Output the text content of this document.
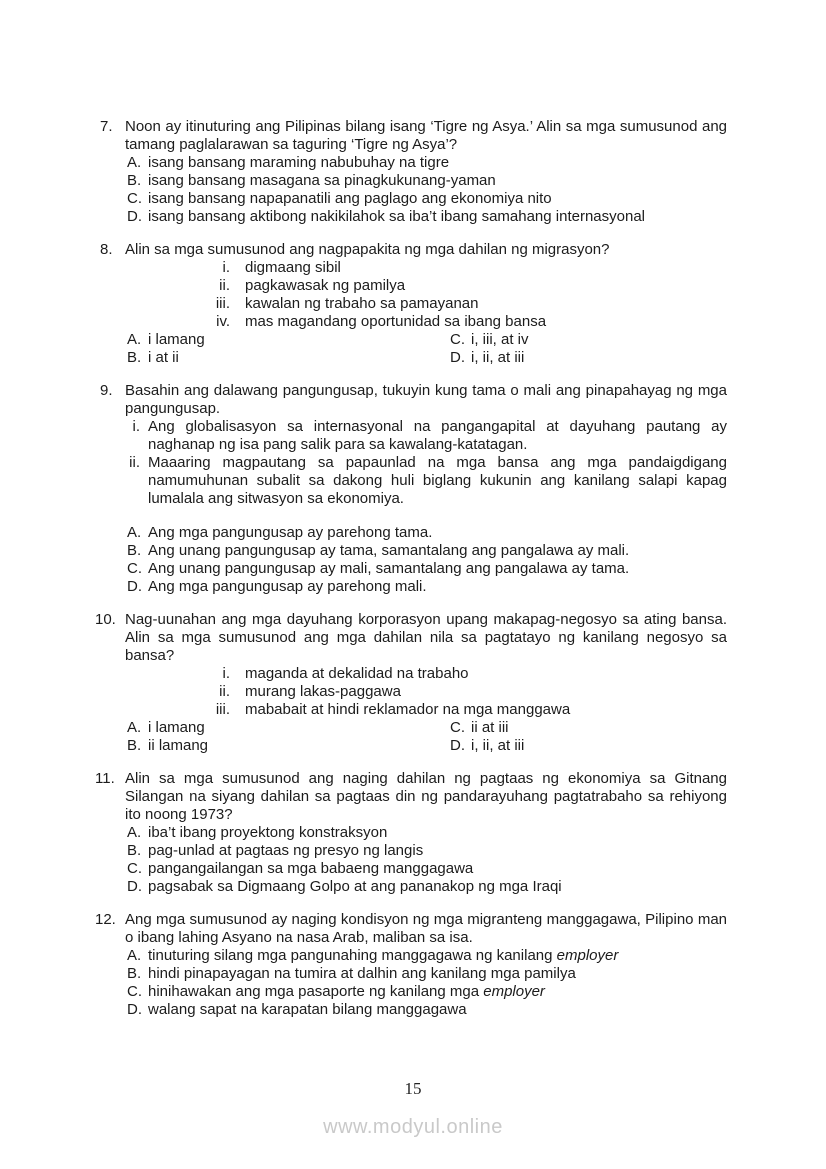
7. Noon ay itinuturing ang Pilipinas bilang isang ‘Tigre ng Asya.’ Alin sa mga sumusunod ang tamang paglalarawan sa taguring ‘Tigre ng Asya’?
A. isang bansang maraming nabubuhay na tigre
B. isang bansang masagana sa pinagkukunang-yaman
C. isang bansang napapanatili ang paglago ang ekonomiya nito
D. isang bansang aktibong nakikilahok sa iba’t ibang samahang internasyonal
8. Alin sa mga sumusunod ang nagpapakita ng mga dahilan ng migrasyon?
i. digmaang sibil
ii. pagkawasak ng pamilya
iii. kawalan ng trabaho sa pamayanan
iv. mas magandang oportunidad sa ibang bansa
A. i lamang	C. i, iii, at iv
B. i at ii	D. i, ii, at iii
9. Basahin ang dalawang pangungusap, tukuyin kung tama o mali ang pinapahayag ng mga pangungusap.
i. Ang globalisasyon sa internasyonal na pangangapital at dayuhang pautang ay naghanap ng isa pang salik para sa kawalang-katatagan.
ii. Maaaring magpautang sa papaunlad na mga bansa ang mga pandaigdigang namumuhunan subalit sa dakong huli biglang kukunin ang kanilang salapi kapag lumalala ang sitwasyon sa ekonomiya.
A. Ang mga pangungusap ay parehong tama.
B. Ang unang pangungusap ay tama, samantalang ang pangalawa ay mali.
C. Ang unang pangungusap ay mali, samantalang ang pangalawa ay tama.
D. Ang mga pangungusap ay parehong mali.
10. Nag-uunahan ang mga dayuhang korporasyon upang makapag-negosyo sa ating bansa. Alin sa mga sumusunod ang mga dahilan nila sa pagtatayo ng kanilang negosyo sa bansa?
i. maganda at dekalidad na trabaho
ii. murang lakas-paggawa
iii. mababait at hindi reklamador na mga manggawa
A. i lamang	C. ii at iii
B. ii lamang	D. i, ii, at iii
11. Alin sa mga sumusunod ang naging dahilan ng pagtaas ng ekonomiya sa Gitnang Silangan na siyang dahilan sa pagtaas din ng pandarayuhang pagtatrabaho sa rehiyong ito noong 1973?
A. iba’t ibang proyektong konstraksyon
B. pag-unlad at pagtaas ng presyo ng langis
C. pangangailangan sa mga babaeng manggagawa
D. pagsabak sa Digmaang Golpo at ang pananakop ng mga Iraqi
12. Ang mga sumusunod ay naging kondisyon ng mga migranteng manggagawa, Pilipino man o ibang lahing Asyano na nasa Arab, maliban sa isa.
A. tinuturing silang mga pangunahing manggagawa ng kanilang employer
B. hindi pinapayagan na tumira at dalhin ang kanilang mga pamilya
C. hinihawakan ang mga pasaporte ng kanilang mga employer
D. walang sapat na karapatan bilang manggagawa
15
www.modyul.online
